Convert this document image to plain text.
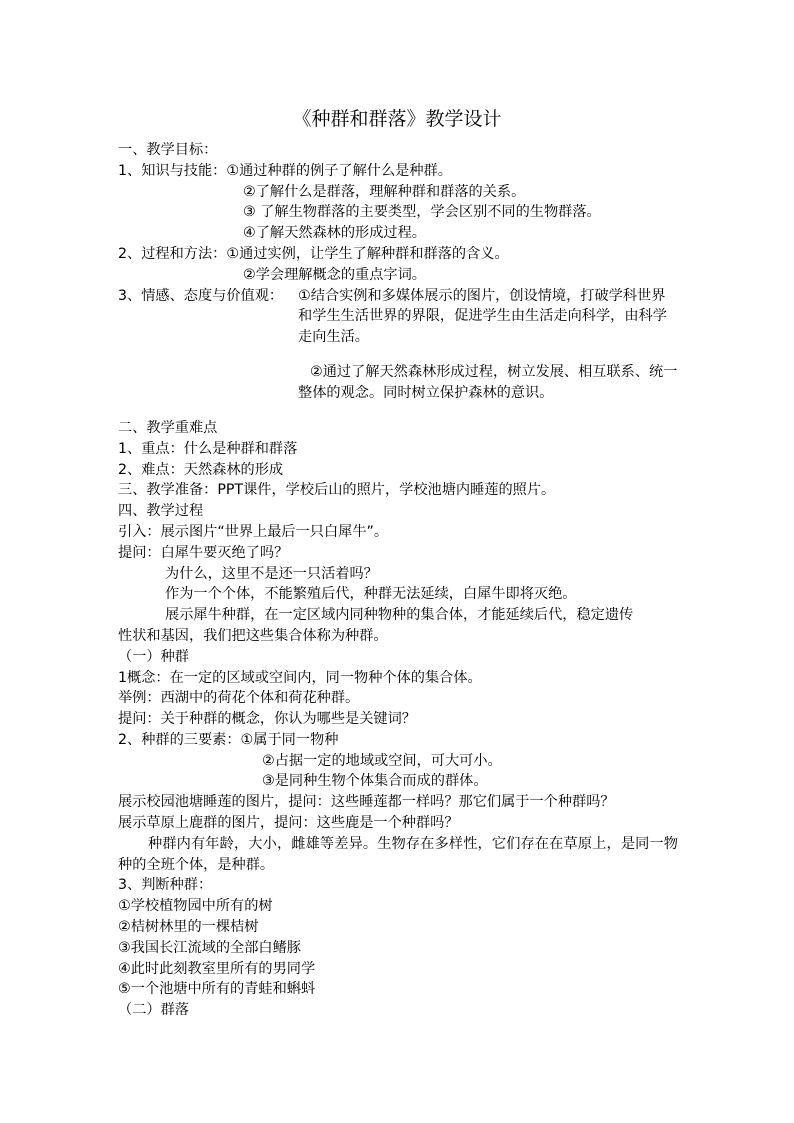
《种群和群落》教学设计

一、教学目标：

1、知识与技能：①通过种群的例子了解什么是种群。

②了解什么是群落，理解种群和群落的关系。

③ 了解生物群落的主要类型，学会区别不同的生物群落。

④了解天然森林的形成过程。

2、过程和方法：①通过实例，让学生了解种群和群落的含义。

②学会理解概念的重点字词。

3、情感、态度与价值观：	①结合实例和多媒体展示的图片，创设情境，打破学科世界和学生生活世界的界限，促进学生由生活走向科学，由科学走向生活。

②通过了解天然森林形成过程，树立发展、相互联系、统一整体的观念。同时树立保护森林的意识。

二、教学重难点

1、重点：什么是种群和群落

2、难点：天然森林的形成

三、教学准备：PPT课件，学校后山的照片，学校池塘内睡莲的照片。

四、教学过程

引入：展示图片“世界上最后一只白犀牛”。

提问：白犀牛要灭绝了吗？

为什么，这里不是还一只活着吗？

作为一个个体，不能繁殖后代，种群无法延续，白犀牛即将灭绝。

展示犀牛种群，在一定区域内同种物种的集合体，才能延续后代，稳定遗传

性状和基因，我们把这些集合体称为种群。

（一）种群

1概念：在一定的区域或空间内，同一物种个体的集合体。

举例：西湖中的荷花个体和荷花种群。

提问：关于种群的概念，你认为哪些是关键词？

2、种群的三要素：①属于同一物种

②占据一定的地域或空间，可大可小。

③是同种生物个体集合而成的群体。

展示校园池塘睡莲的图片，提问：这些睡莲都一样吗？那它们属于一个种群吗？

展示草原上鹿群的图片，提问：这些鹿是一个种群吗？

种群内有年龄，大小，雌雄等差异。生物存在多样性，它们存在在草原上，是同一物种的全班个体，是种群。

3、判断种群：

①学校植物园中所有的树

②桔树林里的一棵桔树

③我国长江流域的全部白鳍豚

④此时此刻教室里所有的男同学

⑤一个池塘中所有的青蛙和蝌蚪

（二）群落
